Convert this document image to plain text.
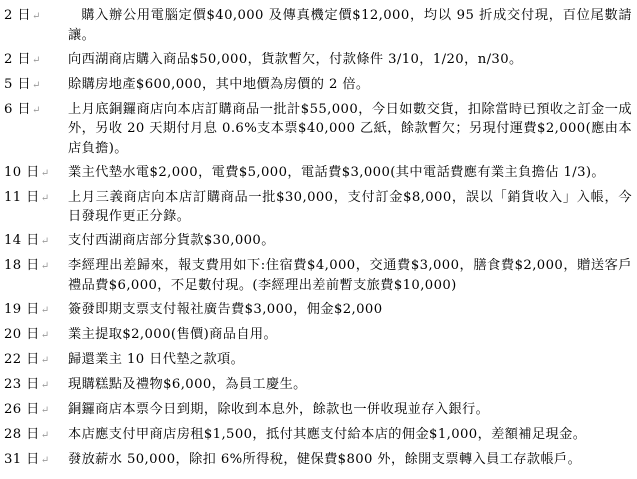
2 日↵	購入辦公用電腦定價$40,000 及傳真機定價$12,000，均以 95 折成交付現，百位尾數請讓。
2 日↵	向西湖商店購入商品$50,000，貨款暫欠，付款條件 3/10，1/20，n/30。
5 日↵	賒購房地產$600,000，其中地價為房價的 2 倍。
6 日↵	上月底銅鑼商店向本店訂購商品一批計$55,000，今日如數交貨，扣除當時已預收之訂金一成外，另收 20 天期付月息 0.6%支本票$40,000 乙紙，餘款暫欠；另現付運費$2,000(應由本店負擔)。
10 日↵	業主代墊水電$2,000，電費$5,000，電話費$3,000(其中電話費應有業主負擔佔 1/3)。
11 日↵	上月三義商店向本店訂購商品一批$30,000，支付訂金$8,000，誤以「銷貨收入」入帳，今日發現作更正分錄。
14 日↵	支付西湖商店部分貨款$30,000。
18 日↵	李經理出差歸來，報支費用如下:住宿費$4,000，交通費$3,000，膳食費$2,000，贈送客戶禮品費$6,000，不足數付現。(李經理出差前暫支旅費$10,000)
19 日↵	簽發即期支票支付報社廣告費$3,000，佣金$2,000
20 日↵	業主提取$2,000(售價)商品自用。
22 日↵	歸還業主 10 日代墊之款項。
23 日↵	現購糕點及禮物$6,000，為員工慶生。
26 日↵	銅鑼商店本票今日到期，除收到本息外，餘款也一併收現並存入銀行。
28 日↵	本店應支付甲商店房租$1,500，抵付其應支付給本店的佣金$1,000，差額補足現金。
31 日↵	發放薪水 50,000，除扣 6%所得稅，健保費$800 外，餘開支票轉入員工存款帳戶。
